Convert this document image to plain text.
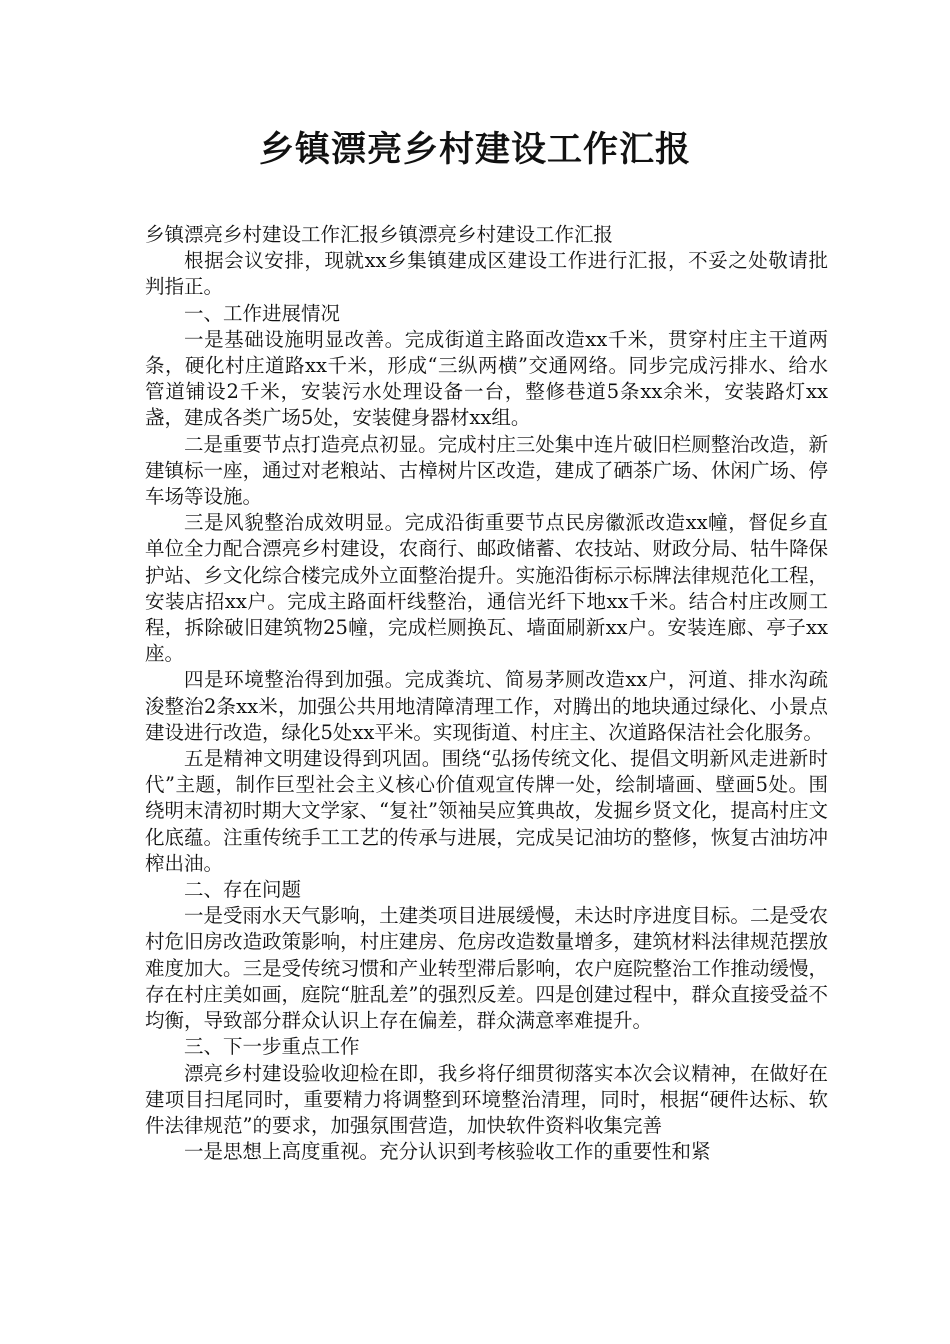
乡镇漂亮乡村建设工作汇报

乡镇漂亮乡村建设工作汇报乡镇漂亮乡村建设工作汇报

根据会议安排，现就xx乡集镇建成区建设工作进行汇报，不妥之处敬请批判指正。

一、工作进展情况

一是基础设施明显改善。完成街道主路面改造xx千米，贯穿村庄主干道两条，硬化村庄道路xx千米，形成“三纵两横”交通网络。同步完成污排水、给水管道铺设2千米，安装污水处理设备一台，整修巷道5条xx余米，安装路灯xx盏，建成各类广场5处，安装健身器材xx组。

二是重要节点打造亮点初显。完成村庄三处集中连片破旧栏厕整治改造，新建镇标一座，通过对老粮站、古樟树片区改造，建成了硒茶广场、休闲广场、停车场等设施。

三是风貌整治成效明显。完成沿街重要节点民房徽派改造xx幢，督促乡直单位全力配合漂亮乡村建设，农商行、邮政储蓄、农技站、财政分局、牯牛降保护站、乡文化综合楼完成外立面整治提升。实施沿街标示标牌法律规范化工程，安装店招xx户。完成主路面杆线整治，通信光纤下地xx千米。结合村庄改厕工程，拆除破旧建筑物25幢，完成栏厕换瓦、墙面刷新xx户。安装连廊、亭子xx座。

四是环境整治得到加强。完成粪坑、简易茅厕改造xx户，河道、排水沟疏浚整治2条xx米，加强公共用地清障清理工作，对腾出的地块通过绿化、小景点建设进行改造，绿化5处xx平米。实现街道、村庄主、次道路保洁社会化服务。

五是精神文明建设得到巩固。围绕“弘扬传统文化、提倡文明新风走进新时代”主题，制作巨型社会主义核心价值观宣传牌一处，绘制墙画、壁画5处。围绕明末清初时期大文学家、“复社”领袖吴应箕典故，发掘乡贤文化，提高村庄文化底蕴。注重传统手工工艺的传承与进展，完成吴记油坊的整修，恢复古油坊冲榨出油。

二、存在问题

一是受雨水天气影响，土建类项目进展缓慢，未达时序进度目标。二是受农村危旧房改造政策影响，村庄建房、危房改造数量增多，建筑材料法律规范摆放难度加大。三是受传统习惯和产业转型滞后影响，农户庭院整治工作推动缓慢，存在村庄美如画，庭院“脏乱差”的强烈反差。四是创建过程中，群众直接受益不均衡，导致部分群众认识上存在偏差，群众满意率难提升。

三、下一步重点工作

漂亮乡村建设验收迎检在即，我乡将仔细贯彻落实本次会议精神，在做好在建项目扫尾同时，重要精力将调整到环境整治清理，同时，根据“硬件达标、软件法律规范”的要求，加强氛围营造，加快软件资料收集完善

一是思想上高度重视。充分认识到考核验收工作的重要性和紧
